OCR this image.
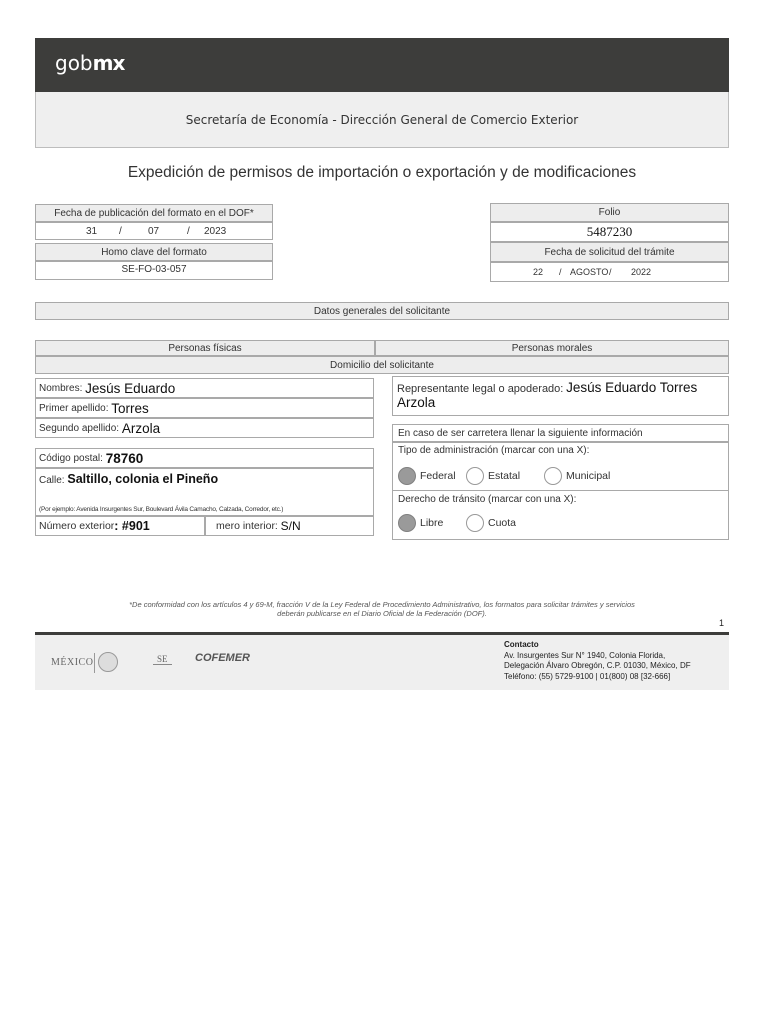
gobmx
Secretaría de Economía - Dirección General de Comercio Exterior
Expedición de permisos de importación o exportación y de modificaciones
Fecha de publicación del formato en el DOF*
31 /	07	/ 2023
Homo clave del formato
SE-FO-03-057
Folio
5487230
Fecha de solicitud del trámite
22 / AGOSTO / 2022
Datos generales del solicitante
Personas físicas	Personas morales
Domicilio del solicitante
Nombres:
Jesús Eduardo
Primer apellido:
Torres
Segundo apellido:
Arzola
Código postal:
78760
Calle: Saltillo, colonia el Pineño
(Por ejemplo: Avenida Insurgentes Sur, Boulevard Ávila Camacho, Calzada, Corredor, etc.)
Número exterior : #901	mero interior:
S/N
Representante legal o apoderado: Jesús Eduardo Torres Arzola
En caso de ser carretera llenar la siguiente información
Tipo de administración (marcar con una X):
Federal	Estatal	Municipal
Derecho de tránsito (marcar con una X):
Libre	Cuota
*De conformidad con los artículos 4 y 69-M, fracción V de la Ley Federal de Procedimiento Administrativo, los formatos para solicitar trámites y servicios
deberán publicarse en el Diario Oficial de la Federación (DOF).
1
MÉXICO	SE	COFEMER
Contacto
Av. Insurgentes Sur N° 1940, Colonia Florida,
Delegación Álvaro Obregón, C.P. 01030, México, DF
Teléfono: (55) 5729-9100 | 01(800) 08 [32-666]
